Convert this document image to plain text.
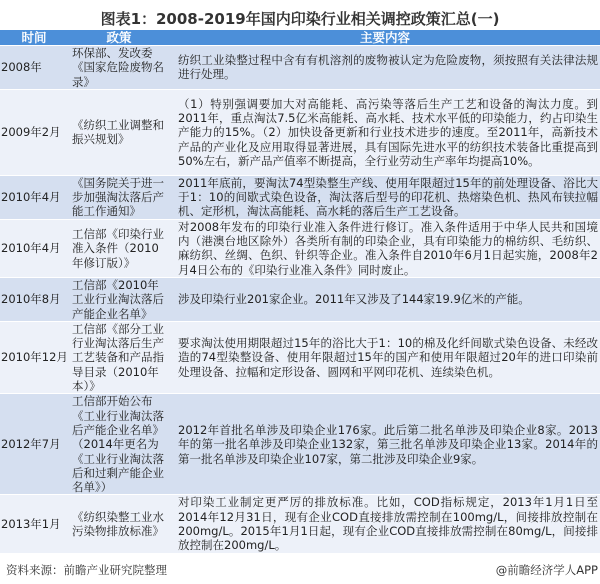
图表1：2008-2019年国内印染行业相关调控政策汇总(一)
时间	政策	主要内容
2008年	环保部、发改委《国家危险废物名录》	纺织工业染整过程中含有有机溶剂的废物被认定为危险废物，须按照有关法律法规进行处理。
2009年2月	《纺织工业调整和振兴规划》	（1）特别强调要加大对高能耗、高污染等落后生产工艺和设备的淘汰力度。到2011年，重点淘汰7.5亿米高能耗、高水耗、技术水平低的印染能力，约占印染生产能力的15%。（2）加快设备更新和行业技术进步的速度。至2011年，高新技术产品的产业化及应用取得显著进展，具有国际先进水平的纺织技术装备比重提高到50%左右，新产品产值率不断提高，全行业劳动生产率年均提高10%。
2010年4月	《国务院关于进一步加强淘汰落后产能工作通知》	2011年底前，要淘汰74型染整生产线、使用年限超过15年的前处理设备、浴比大于1：10的间歇式染色设备，淘汰落后型号的印花机、热熔染色机、热风布铗拉幅机、定形机，淘汰高能耗、高水耗的落后生产工艺设备。
2010年4月	工信部《印染行业准入条件（2010年修订版）》	对2008年发布的印染行业准入条件进行修订。准入条件适用于中华人民共和国境内（港澳台地区除外）各类所有制的印染企业，具有印染能力的棉纺织、毛纺织、麻纺织、丝绸、色织、针织等企业。准入条件自2010年6月1日起实施，2008年2月4日公布的《印染行业准入条件》同时废止。
2010年8月	工信部《2010年工业行业淘汰落后产能企业名单》	涉及印染行业201家企业。2011年又涉及了144家19.9亿米的产能。
2010年12月	工信部《部分工业行业淘汰落后生产工艺装备和产品指导目录（2010年本）》	要求淘汰使用期限超过15年的浴比大于1：10的棉及化纤间歇式染色设备、未经改造的74型染整设备、使用年限超过15年的国产和使用年限超过20年的进口印染前处理设备、拉幅和定形设备、圆网和平网印花机、连续染色机。
2012年7月	工信部开始公布《工业行业淘汰落后产能企业名单》（2014年更名为《工业行业淘汰落后和过剩产能企业名单》）	2012年首批名单涉及印染企业176家。此后第二批名单涉及印染企业8家。2013年的第一批名单涉及印染企业132家，第三批名单涉及印染企业13家。2014年的第一批名单涉及印染企业107家，第二批涉及印染企业9家。
2013年1月	《纺织染整工业水污染物排放标准》	对印染工业制定更严厉的排放标准。比如，COD指标规定，2013年1月1日至2014年12月31日，现有企业COD直接排放需控制在100mg/L，间接排放控制在200mg/L。2015年1月1日起，现有企业COD直接排放需控制在80mg/L，间接排放控制在200mg/L。
资料来源：前瞻产业研究院整理	@前瞻经济学人APP
